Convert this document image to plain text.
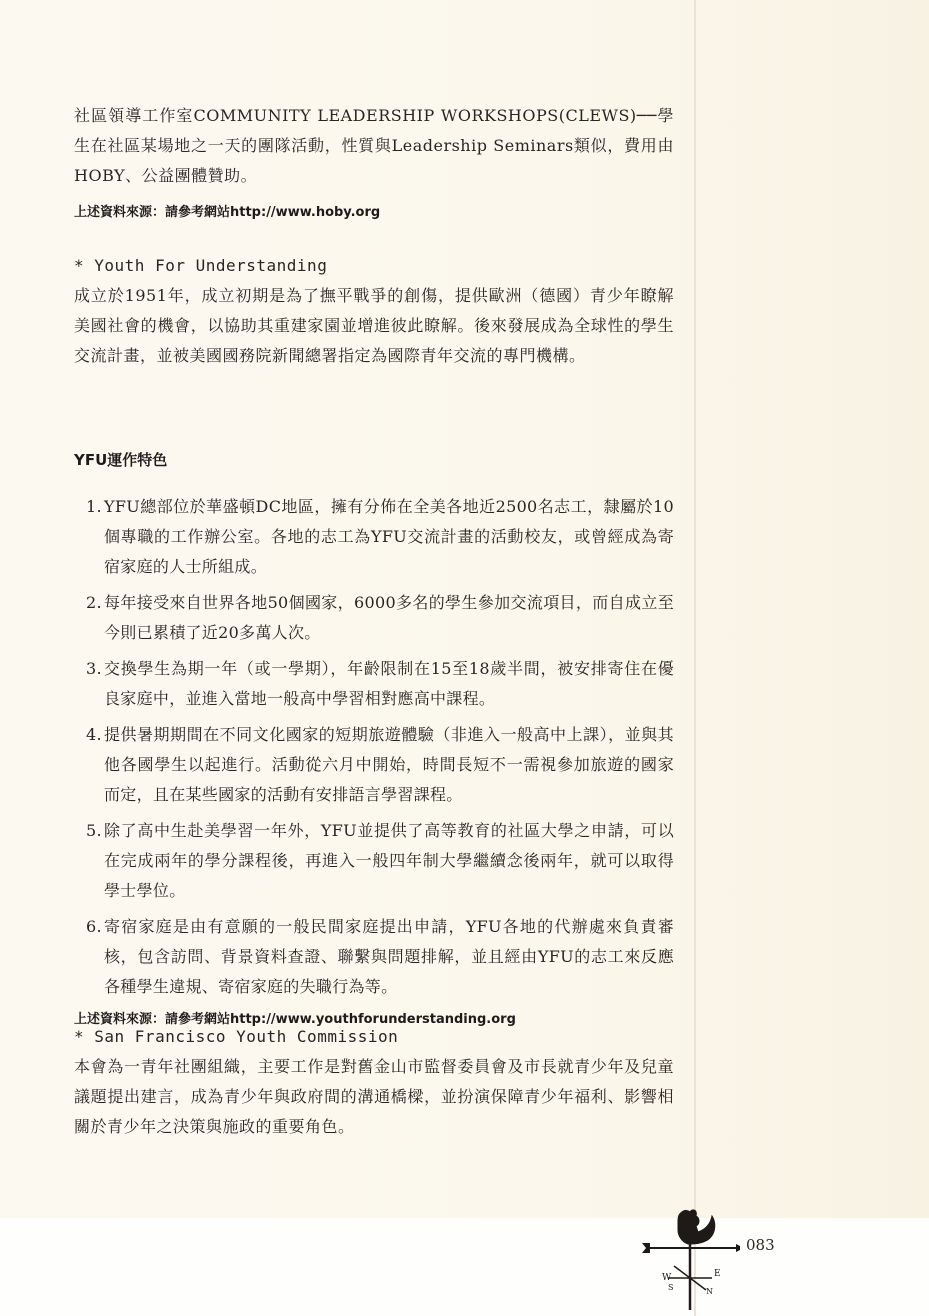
社區領導工作室COMMUNITY LEADERSHIP WORKSHOPS(CLEWS)──學生在社區某場地之一天的團隊活動，性質與Leadership Seminars類似，費用由HOBY、公益團體贊助。

上述資料來源：請參考網站http://www.hoby.org

* Youth For Understanding

成立於1951年，成立初期是為了撫平戰爭的創傷，提供歐洲（德國）青少年瞭解美國社會的機會，以協助其重建家園並增進彼此瞭解。後來發展成為全球性的學生交流計畫，並被美國國務院新聞總署指定為國際青年交流的專門機構。

YFU運作特色

1. YFU總部位於華盛頓DC地區，擁有分佈在全美各地近2500名志工，隸屬於10個專職的工作辦公室。各地的志工為YFU交流計畫的活動校友，或曾經成為寄宿家庭的人士所組成。
2. 每年接受來自世界各地50個國家，6000多名的學生參加交流項目，而自成立至今則已累積了近20多萬人次。
3. 交換學生為期一年（或一學期），年齡限制在15至18歲半間，被安排寄住在優良家庭中，並進入當地一般高中學習相對應高中課程。
4. 提供暑期期間在不同文化國家的短期旅遊體驗（非進入一般高中上課），並與其他各國學生以起進行。活動從六月中開始，時間長短不一需視參加旅遊的國家而定，且在某些國家的活動有安排語言學習課程。
5. 除了高中生赴美學習一年外，YFU並提供了高等教育的社區大學之申請，可以在完成兩年的學分課程後，再進入一般四年制大學繼續念後兩年，就可以取得學士學位。
6. 寄宿家庭是由有意願的一般民間家庭提出申請，YFU各地的代辦處來負責審核，包含訪問、背景資料查證、聯繫與問題排解，並且經由YFU的志工來反應各種學生違規、寄宿家庭的失職行為等。

上述資料來源：請參考網站http://www.youthforunderstanding.org

* San Francisco Youth Commission

本會為一青年社團組織，主要工作是對舊金山市監督委員會及市長就青少年及兒童議題提出建言，成為青少年與政府間的溝通橋樑，並扮演保障青少年福利、影響相關於青少年之決策與施政的重要角色。

W	E
S	N
083
